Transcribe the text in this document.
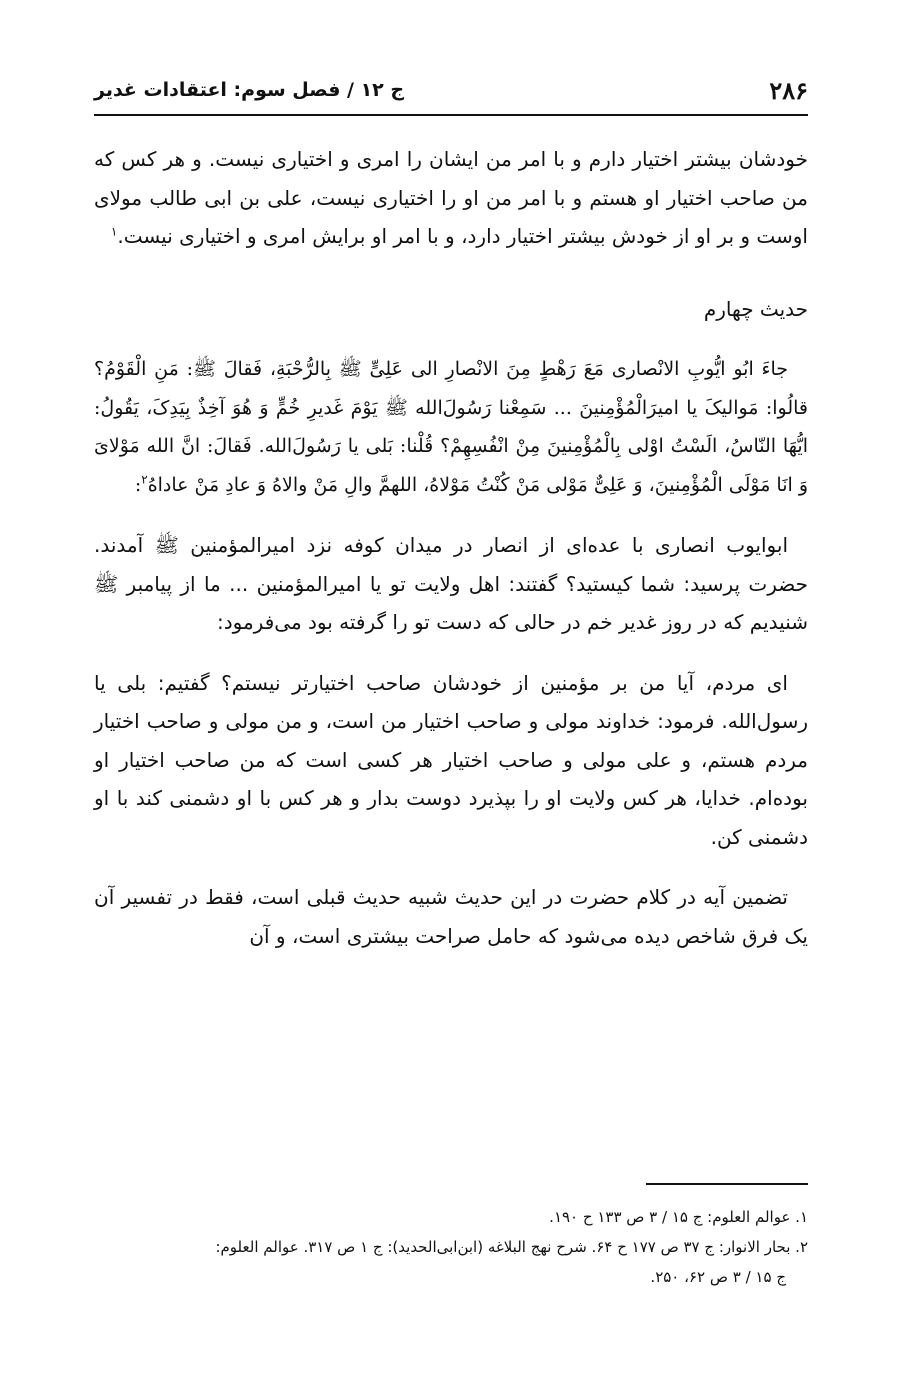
۲۸۶
ج ۱۲ / فصل سوم: اعتقادات غدیر

خودشان بیشتر اختیار دارم و با امر من ایشان را امری و اختیاری نیست. و هر کس که من صاحب اختیار او هستم و با امر من او را اختیاری نیست، علی بن ابی طالب مولای اوست و بر او از خودش بیشتر اختیار دارد، و با امر او برایش امری و اختیاری نیست.$^۱$

حدیث چهارم

جاءَ ابُو ایُّوبِ الانْصاری مَعَ رَهْطٍ مِنَ الانْصارِ الی عَلِیٍّ ﷺ بِالرُّحْبَةِ، فَقالَ ﷺ: مَنِ الْقَوْمُ؟ قالُوا: مَوالیکَ یا امیرَالْمُؤْمِنینَ ... سَمِعْنا رَسُولَ‌الله ﷺ یَوْمَ غَدیرِ خُمٍّ وَ هُوَ آخِذٌ بِیَدِکَ، یَقُولُ: ایُّهَا النّاسُ، الَسْتُ اوْلی بِالْمُؤْمِنینَ مِنْ انْفُسِهِمْ؟ قُلْنا: بَلی یا رَسُولَ‌الله. فَقالَ: انَّ الله مَوْلایَ وَ انَا مَوْلَی الْمُؤْمِنینَ، وَ عَلِیٌّ مَوْلی مَنْ کُنْتُ مَوْلاهُ، اللهمَّ والِ مَنْ والاهُ وَ عادِ مَنْ عاداهُ$^۲$:

ابوایوب انصاری با عده‌ای از انصار در میدان کوفه نزد امیرالمؤمنین ﷺ آمدند. حضرت پرسید: شما کیستید؟ گفتند: اهل ولایت تو یا امیرالمؤمنین ... ما از پیامبر ﷺ شنیدیم که در روز غدیر خم در حالی که دست تو را گرفته بود می‌فرمود:

ای مردم، آیا من بر مؤمنین از خودشان صاحب اختیارتر نیستم؟ گفتیم: بلی یا رسول‌الله. فرمود: خداوند مولی و صاحب اختیار من است، و من مولی و صاحب اختیار مردم هستم، و علی مولی و صاحب اختیار هر کسی است که من صاحب اختیار او بوده‌ام. خدایا، هر کس ولایت او را بپذیرد دوست بدار و هر کس با او دشمنی کند با او دشمنی کن.

تضمین آیه در کلام حضرت در این حدیث شبیه حدیث قبلی است، فقط در تفسیر آن یک فرق شاخص دیده می‌شود که حامل صراحت بیشتری است، و آن

۱. عوالم العلوم: ج ۱۵ / ۳ ص ۱۳۳ ح ۱۹۰.

۲. بحار الانوار: ج ۳۷ ص ۱۷۷ ح ۶۴. شرح نهج البلاغه (ابن‌ابی‌الحدید): ج ۱ ص ۳۱۷. عوالم العلوم:

ج ۱۵ / ۳ ص ۶۲، ۲۵۰.
